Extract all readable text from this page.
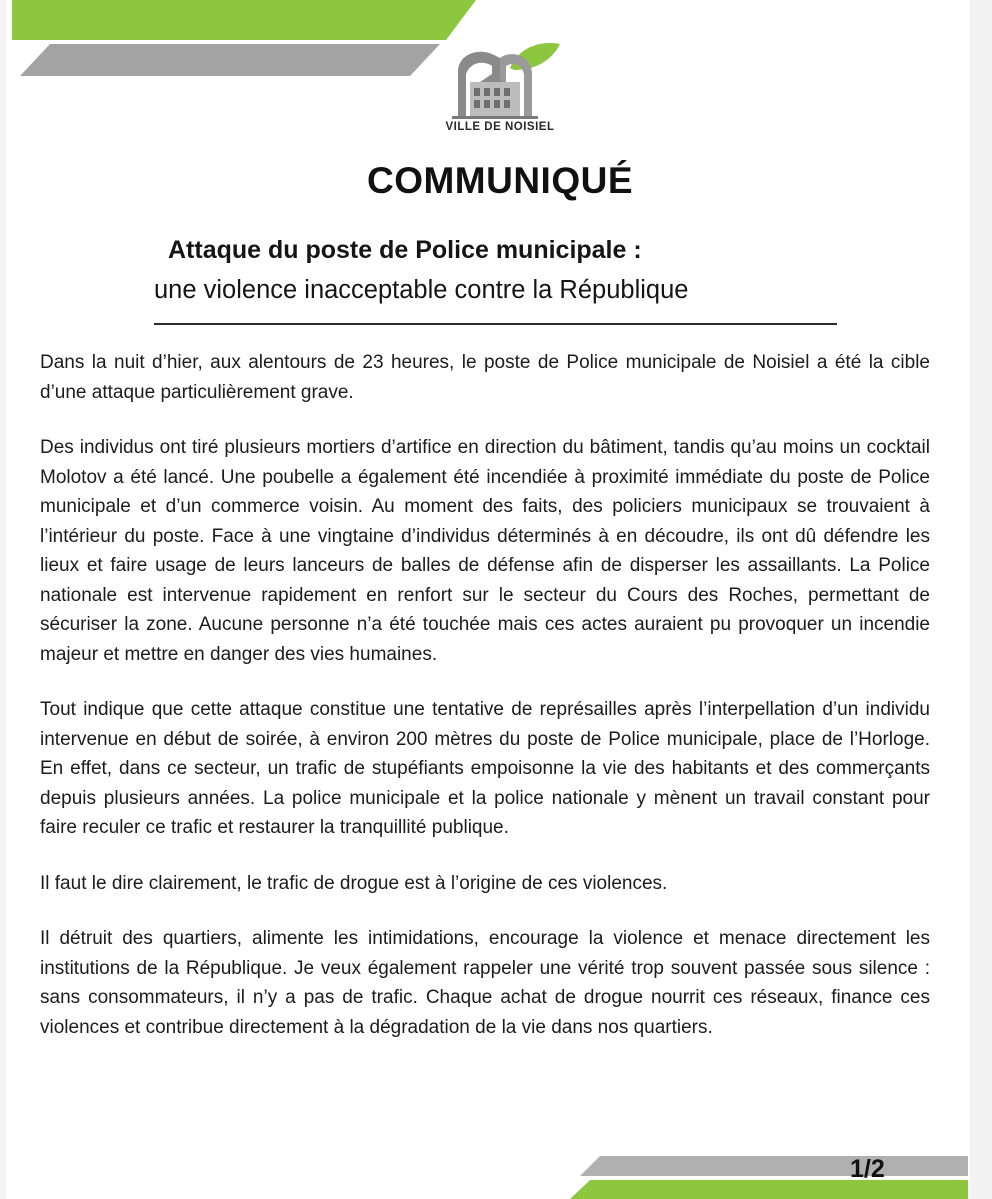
VILLE DE NOISIEL
COMMUNIQUÉ
Attaque du poste de Police municipale :
une violence inacceptable contre la République

Dans la nuit d’hier, aux alentours de 23 heures, le poste de Police municipale de Noisiel a été la cible d’une attaque particulièrement grave.

Des individus ont tiré plusieurs mortiers d’artifice en direction du bâtiment, tandis qu’au moins un cocktail Molotov a été lancé. Une poubelle a également été incendiée à proximité immédiate du poste de Police municipale et d’un commerce voisin. Au moment des faits, des policiers municipaux se trouvaient à l’intérieur du poste. Face à une vingtaine d’individus déterminés à en découdre, ils ont dû défendre les lieux et faire usage de leurs lanceurs de balles de défense afin de disperser les assaillants. La Police nationale est intervenue rapidement en renfort sur le secteur du Cours des Roches, permettant de sécuriser la zone. Aucune personne n’a été touchée mais ces actes auraient pu provoquer un incendie majeur et mettre en danger des vies humaines.

Tout indique que cette attaque constitue une tentative de représailles après l’interpellation d’un individu intervenue en début de soirée, à environ 200 mètres du poste de Police municipale, place de l’Horloge. En effet, dans ce secteur, un trafic de stupéfiants empoisonne la vie des habitants et des commerçants depuis plusieurs années. La police municipale et la police nationale y mènent un travail constant pour faire reculer ce trafic et restaurer la tranquillité publique.

Il faut le dire clairement, le trafic de drogue est à l’origine de ces violences.

Il détruit des quartiers, alimente les intimidations, encourage la violence et menace directement les institutions de la République. Je veux également rappeler une vérité trop souvent passée sous silence : sans consommateurs, il n’y a pas de trafic. Chaque achat de drogue nourrit ces réseaux, finance ces violences et contribue directement à la dégradation de la vie dans nos quartiers.

1/2
